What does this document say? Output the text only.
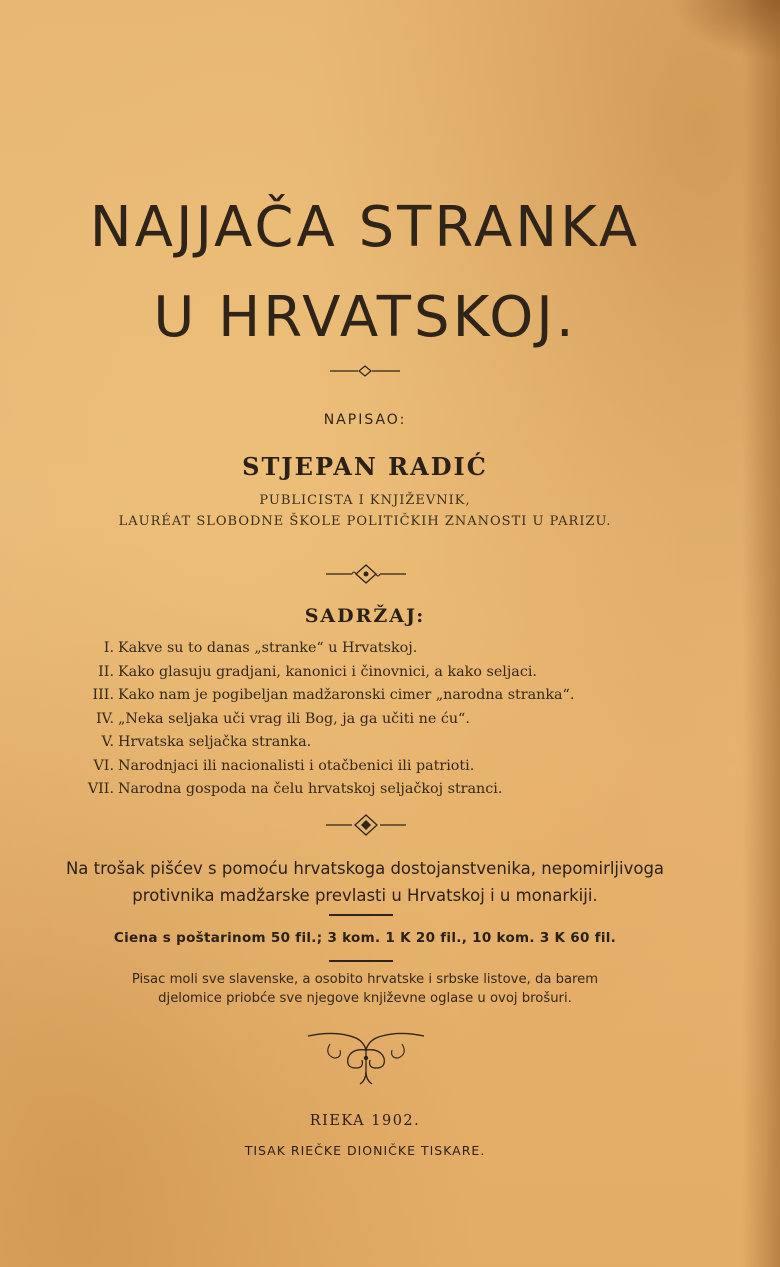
NAJJAČA STRANKA
U HRVATSKOJ.
NAPISAO:
STJEPAN RADIĆ
PUBLICISTA I KNJIŽEVNIK,
LAURÉAT SLOBODNE ŠKOLE POLITIČKIH ZNANOSTI U PARIZU.
SADRŽAJ:
I. Kakve su to danas „stranke“ u Hrvatskoj.
II. Kako glasuju gradjani, kanonici i činovnici, a kako seljaci.
III. Kako nam je pogibeljan madžaronski cimer „narodna stranka“.
IV. „Neka seljaka uči vrag ili Bog, ja ga učiti ne ću“.
V. Hrvatska seljačka stranka.
VI. Narodnjaci ili nacionalisti i otačbenici ili patrioti.
VII. Narodna gospoda na čelu hrvatskoj seljačkoj stranci.
Na trošak pišćev s pomoću hrvatskoga dostojanstvenika, nepomirljivoga
protivnika madžarske prevlasti u Hrvatskoj i u monarkiji.
Ciena s poštarinom 50 fil.; 3 kom. 1 K 20 fil., 10 kom. 3 K 60 fil.
Pisac moli sve slavenske, a osobito hrvatske i srbske listove, da barem
djelomice priobće sve njegove književne oglase u ovoj brošuri.
RIEKA 1902.
TISAK RIEČKE DIONIČKE TISKARE.
